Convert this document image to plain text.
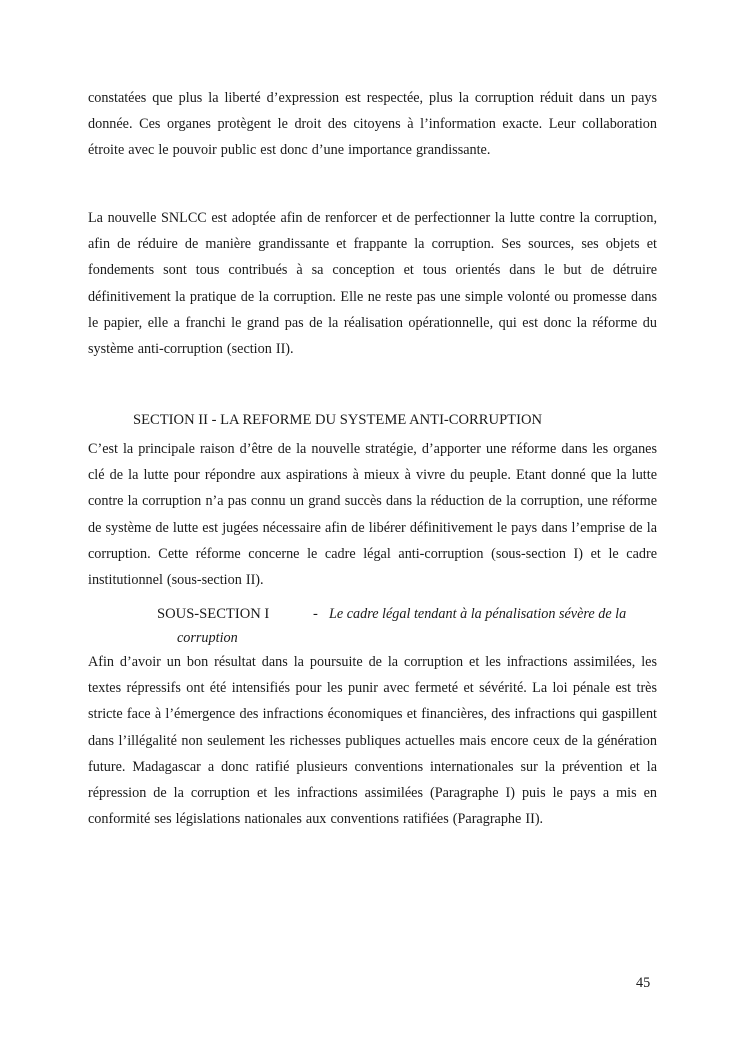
constatées que plus la liberté d’expression est respectée, plus la corruption réduit dans un pays donnée. Ces organes protègent le droit des citoyens à l’information exacte. Leur collaboration étroite avec le pouvoir public est donc d’une importance grandissante.

La nouvelle SNLCC est adoptée afin de renforcer et de perfectionner la lutte contre la corruption, afin de réduire de manière grandissante et frappante la corruption. Ses sources, ses objets et fondements sont tous contribués à sa conception et tous orientés dans le but de détruire définitivement la pratique de la corruption. Elle ne reste pas une simple volonté ou promesse dans le papier, elle a franchi le grand pas de la réalisation opérationnelle, qui est donc la réforme du système anti-corruption (section II).

SECTION II - LA REFORME DU SYSTEME ANTI-CORRUPTION

C’est la principale raison d’être de la nouvelle stratégie, d’apporter une réforme dans les organes clé de la lutte pour répondre aux aspirations à mieux à vivre du peuple. Etant donné que la lutte contre la corruption n’a pas connu un grand succès dans la réduction de la corruption, une réforme de système de lutte est jugées nécessaire afin de libérer définitivement le pays dans l’emprise de la corruption. Cette réforme concerne le cadre légal anti-corruption (sous-section I) et le cadre institutionnel (sous-section II).

SOUS-SECTION I	- Le cadre légal tendant à la pénalisation sévère de la
corruption

Afin d’avoir un bon résultat dans la poursuite de la corruption et les infractions assimilées, les textes répressifs ont été intensifiés pour les punir avec fermeté et sévérité. La loi pénale est très stricte face à l’émergence des infractions économiques et financières, des infractions qui gaspillent dans l’illégalité non seulement les richesses publiques actuelles mais encore ceux de la génération future. Madagascar a donc ratifié plusieurs conventions internationales sur la prévention et la répression de la corruption et les infractions assimilées (Paragraphe I) puis le pays a mis en conformité ses législations nationales aux conventions ratifiées (Paragraphe II).

45
